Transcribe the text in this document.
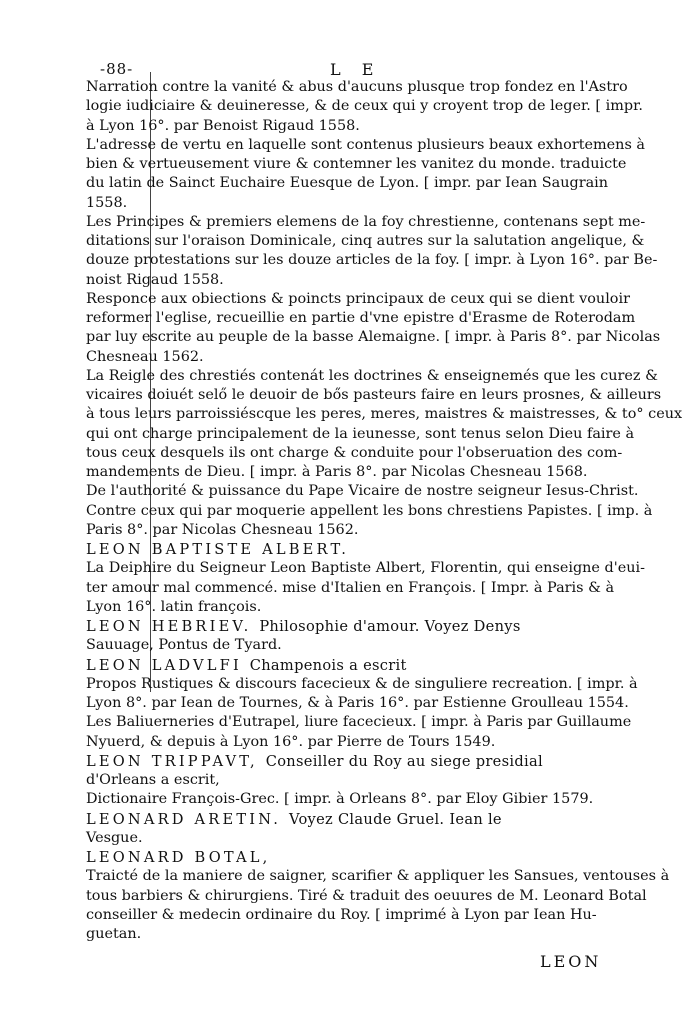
-88-	L E
Narration contre la vanité & abus d'aucuns plusque trop fondez en l'Astro
logie iudiciaire & deuineresse, & de ceux qui y croyent trop de leger. [ impr.
à Lyon 16°. par Benoist Rigaud 1558.
L'adresse de vertu en laquelle sont contenus plusieurs beaux exhortemens à
bien & vertueusement viure & contemner les vanitez du monde. traduicte
du latin de Sainct Euchaire Euesque de Lyon. [ impr. par Iean Saugrain
1558.
Les Principes & premiers elemens de la foy chrestienne, contenans sept me-
ditations sur l'oraison Dominicale, cinq autres sur la salutation angelique, &
douze protestations sur les douze articles de la foy. [ impr. à Lyon 16°. par Be-
noist Rigaud 1558.
Responce aux obiections & poincts principaux de ceux qui se dient vouloir
reformer l'eglise, recueillie en partie d'vne epistre d'Erasme de Roterodam
par luy escrite au peuple de la basse Alemaigne. [ impr. à Paris 8°. par Nicolas
Chesneau 1562.
La Reigle des chrestiés contenát les doctrines & enseignemés que les curez &
vicaires doiuét selő le deuoir de bős pasteurs faire en leurs prosnes, & ailleurs
à tous leurs parroissiéscque les peres, meres, maistres & maistresses, & to° ceux
qui ont charge principalement de la ieunesse, sont tenus selon Dieu faire à
tous ceux desquels ils ont charge & conduite pour l'obseruation des com-
mandements de Dieu. [ impr. à Paris 8°. par Nicolas Chesneau 1568.
De l'authorité & puissance du Pape Vicaire de nostre seigneur Iesus-Christ.
Contre ceux qui par moquerie appellent les bons chrestiens Papistes. [ imp. à
Paris 8°. par Nicolas Chesneau 1562.
LEON BAPTISTE ALBERT.
La Deiphire du Seigneur Leon Baptiste Albert, Florentin, qui enseigne d'eui-
ter amour mal commencé. mise d'Italien en François. [ Impr. à Paris & à
Lyon 16°. latin françois.
LEON HEBRIEV. Philosophie d'amour. Voyez Denys
Sauuage, Pontus de Tyard.
LEON LADVLFI Champenois a escrit
Propos Rustiques & discours facecieux & de singuliere recreation. [ impr. à
Lyon 8°. par Iean de Tournes, & à Paris 16°. par Estienne Groulleau 1554.
Les Baliuerneries d'Eutrapel, liure facecieux. [ impr. à Paris par Guillaume
Nyuerd, & depuis à Lyon 16°. par Pierre de Tours 1549.
LEON TRIPPAVT, Conseiller du Roy au siege presidial
d'Orleans a escrit,
Dictionaire François-Grec. [ impr. à Orleans 8°. par Eloy Gibier 1579.
LEONARD ARETIN. Voyez Claude Gruel. Iean le
Vesgue.
LEONARD BOTAL,
Traicté de la maniere de saigner, scarifier & appliquer les Sansues, ventouses à
tous barbiers & chirurgiens. Tiré & traduit des oeuures de M. Leonard Botal
conseiller & medecin ordinaire du Roy. [ imprimé à Lyon par Iean Hu-
guetan.
LEON
